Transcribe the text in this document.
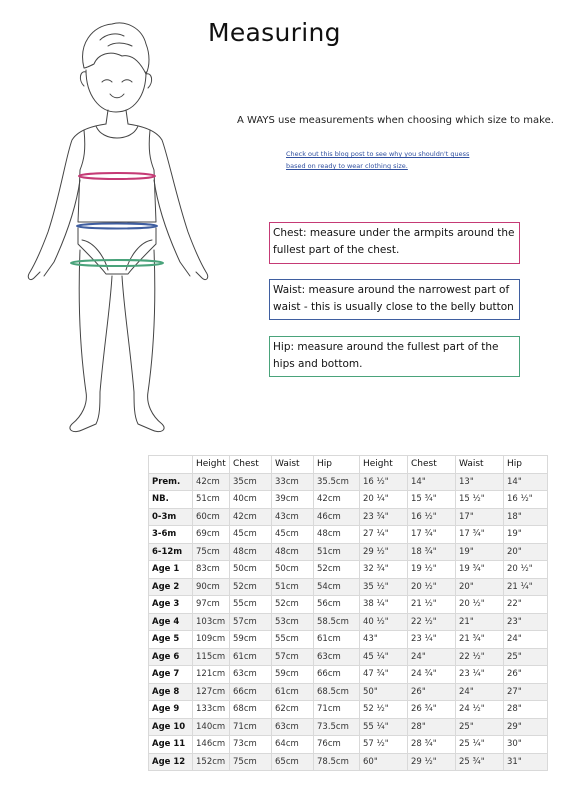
Measuring
A WAYS use measurements when choosing which size to make.
Check out this blog post to see why you shouldn't guess based on ready to wear clothing size.
Chest: measure under the armpits around the fullest part of the chest.
Waist: measure around the narrowest part of waist - this is usually close to the belly button
Hip: measure around the fullest part of the hips and bottom.
	Height	Chest	Waist	Hip	Height	Chest	Waist	Hip
Prem.	42cm	35cm	33cm	35.5cm	16 ½"	14"	13"	14"
NB.	51cm	40cm	39cm	42cm	20 ¼"	15 ¾"	15 ½"	16 ½"
0-3m	60cm	42cm	43cm	46cm	23 ¾"	16 ½"	17"	18"
3-6m	69cm	45cm	45cm	48cm	27 ¼"	17 ¾"	17 ¾"	19"
6-12m	75cm	48cm	48cm	51cm	29 ½"	18 ¾"	19"	20"
Age 1	83cm	50cm	50cm	52cm	32 ¾"	19 ½"	19 ¾"	20 ½"
Age 2	90cm	52cm	51cm	54cm	35 ½"	20 ½"	20"	21 ¼"
Age 3	97cm	55cm	52cm	56cm	38 ¼"	21 ½"	20 ½"	22"
Age 4	103cm	57cm	53cm	58.5cm	40 ½"	22 ½"	21"	23"
Age 5	109cm	59cm	55cm	61cm	43"	23 ¼"	21 ¾"	24"
Age 6	115cm	61cm	57cm	63cm	45 ¼"	24"	22 ½"	25"
Age 7	121cm	63cm	59cm	66cm	47 ¾"	24 ¾"	23 ¼"	26"
Age 8	127cm	66cm	61cm	68.5cm	50"	26"	24"	27"
Age 9	133cm	68cm	62cm	71cm	52 ½"	26 ¾"	24 ½"	28"
Age 10	140cm	71cm	63cm	73.5cm	55 ¼"	28"	25"	29"
Age 11	146cm	73cm	64cm	76cm	57 ½"	28 ¾"	25 ¼"	30"
Age 12	152cm	75cm	65cm	78.5cm	60"	29 ½"	25 ¾"	31"
